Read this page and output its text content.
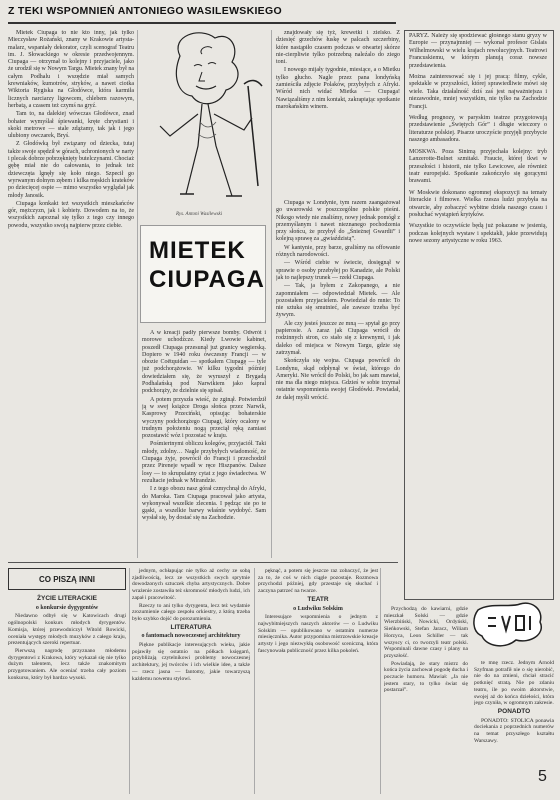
Z TEKI WSPOMNIEŃ ANTONIEGO WASILEWSKIEGO

Mietek Ciupaga to nie kto inny, jak tylko Mieczysław Rożański, znany w Krakowie artysta-malarz, wspaniały dekorator, czyli scenograf Teatru im. J. Słowackiego w okresie przedwojennym. Ciupaga — otrzymał to kolejny i przyjaciele, jako że urodził się w Nowym Targu. Mietek znany był na całym Podhalu i wszędzie miał samych krewniaków, kumotrów, stryków, a nawet ciotka Wiktoria Rygiska na Głodówce, która karmiła licznych narciarzy ligowcem, chlebem razowym, herbatą, a czasem też czymś na gryź.

Tam to, na dalekiej wówczas Głodówce, znad bohater wymyślał śpiewanki, kręte chrystiani i skoki metrowe — stale zdążamy, tak jak i jego ulubiony owczarek, Bryś.

Z Głodówką był związany od dziecka, tutaj także swoje spędził w górach, uchronionych w narty i plecak dobrze pobrzęknięty butelczynami. Chociaż gębę miał nie do całowania, to jednak też dziewczęta lgnęły się koło niego. Szpecił go wyrwanym dolnym zębem i kilka męskich krateków po dziecięcej ospie — mimo wszystko wyglądał jak młody Janosik.

Ciupaga konkakt też wszystkich mieszkańców gór, mężczyzn, jak i kobiety. Dowodem na to, że wszystkich zapoznał się tylko z tego czy innego powodu, wszystko swoją najpierw przez ciebie.

Rys. Antoni Wasilewski
MIETEK CIUPAGA

znajdowały się tyż, krewetki i zielsko. Z dziesięć grzechów łuskę w palcach szczerbiny, które nastąpiło czasem podczas w otwartej skórze nie-cierpliwie tylko potrzebną naleźalo do ziego toni.

I nowego mijały tygodnie, miesiące, a o Mietku tylko głucho. Nagle przez pana londyńską zamieściła zdjęcie Polaków, przybyłych z Afryki. Wśród nich widać Mietka — Ciupaga! Nawiązaliśmy z nim kontakt, zakrapiając spotkanie marokańskim winem.

A w kreacji padły pierwsze bomby. Odwrót i morowe uchodźcze. Kiedy Lwowie kabinet, poszedł Ciupaga przesunął już granicy węgierską. Dopiero w 1940 roku ówczesny Francji — w obozie Coëtquidan — spotkałem Ciupagę — tyle już podchorążowie. W kilku tygodni później dowiedziałem się, że wyruszył z Brygadą Podhalańską pod Narwikiem jako kapral podchorąży, że dzielnie się spisał.

A potem przyszła wieść, że zginął. Potwierdził ją w swej książce Droga słońca przez Narwik, Kasprowy Przeciński, opisując bohaterskie wyczyny podchorążego Ciupagi, który ocalony w trudnym położeniu nogą przeciął ręką zamiast pozostawić wóz i pozostać w kraju.

Pośmiertnymi obliczu kolegów, przyjaciół. Taki młody, zdolny… Nagle przybyłych wiadomość, że Ciupaga żyje, powrócił do Francji i przechodził przez Pireneje wpadł w ręce Hiszpanów. Dalsze losy — to skrupulatny cytat z jego świadectwa. W rezultacie jednak w Mirandzie.

I z tego obozu nasz górał czmychnął do Afryki, do Maroka. Tam Ciupaga pracował jako artysta, wykonywał wszelkie zlecenia. I pędząc sie po te gąski, a wszelkie barwy właśnie wydobyć. Sam wysłał się, by dostać się na Zachodzie.

Ciupaga w Londynie, tym razem zaangażował go uwarowski w poszczególne polskie pieśni. Nikogo wtedy nie znaliśmy, nowy jednak pomógł z przemyślanym i nawet nieznanego pochodzenia przy słońcu, że przybył do „Śnieżnej Gwardii” i kolejną sprawę za „gwiaździstą”.

W kantynie, przy barze, graliśmy na offowanie różnych narodowości.

— Wśród ciebie w świecie, dosięgnął w sprawie o osoby przebyłej po Kanadzie, ale Polski jak to najlepszy trunek — rzekł Ciupaga.

— Tak, ja byłem z Zakopanego, a nie zapomniałem — odpowiedział Mietek. — Ale pozostałem przyjacielem. Powiedział do mnie: To nie sztuka się smutnieć, ale zawsze trzeba być żywym.

Ale czy jesteś jeszcze ze mną — spytał go przy papierosie. A zaraz jak Ciupaga wrócił do rodzinnych stron, co stało się z krewnymi, i jak daleko od miejsca w Nowym Targu, gdzie się zatrzymał.

Skończyła się wojna. Ciupaga powrócił do Londynu, skąd odpłynął w świat, którego do Ameryki. Nie wrócił do Polski, bo jak sam mawiał, nie ma dla niego miejsca. Gdzieś w sobie trzymał ostatnie wspomnienia swojej Głodówki. Powiadał, że dalej myśli wrócić.

PARYŻ. Należy się spodziewać głośnego stanu gryzy w Europie — przynajmniej — wykonał profesor Gislais Wilhelmowski w wielu krajach rewolucyjnych. Teatrowi Francuskiemu, w którym planują coraz nowsze przedstawienia.

Można zainteresować się i jej pracą: filmy, cykle, spektakle w przyszłości, której sprawiedliwie mówi się wiele. Taka działalność dziś zaś jest najważniejsza i niezawodnie, mniej wszystkim, nie tylko na Zachodzie Francji.

Według prognozy, w paryskim teatrze przygotowują przedstawienie „Świętych Gór” i długie wieczory o literaturze polskiej. Pisarze uroczyście przyjęli przybycie naszego ambasadora.

MOSKWA. Poza Sinimą przyjechała kolejny: tryb Lanzerotte-Bulnet szmitaki. Fraucie, której tkwi w przeszłości i historii, nie tylko Lewicowe, ale również teatr europejski. Spotkanie zakończyło się gorącymi brawami.

W Moskwie dokonano ogromnej ekspozycji na tematy literackie i filmowe. Wielka rzesza ludzi przybyła na otwarcie, aby zobaczyć wybitne dzieła naszego czasu i posłuchać wystąpień krytyków.

Wszystkie to oczywiście będą już pokazane w jesienią, podczas kolejnych wystaw i spektakli, jakie przewidują nowe sezony artystyczne w roku 1963.

CO PISZĄ INNI
ŻYCIE LITERACKIE
o konkursie dygygentów

Niedawno odbył się w Katowicach drugi ogólnopolski konkurs młodych dyrygentów. Komisja, której przewodniczył Witold Rowicki, oceniała występy młodych muzyków z całego kraju, prezentujących szeroki repertuar.

Pierwszą nagrodę przyznano młodemu dyrygentowi z Krakowa, który wykazał się nie tylko dużym talentem, lecz także znakomitym przygotowaniem. Ale oceniać trzeba cały poziom konkursu, który był bardzo wysoki.

jednym, ochłapując nie tylko aż cechy ze sobą zjadliwością, lecz ze wszystkich swych sprytnie dowodzonych sztuczek chyba artystycznych. Dobre wrażenie zostawiła też skromność młodych ludzi, ich zapał i pracowitość.

Rzeczy to ani tylko dyrygenta, lecz też wydatnie zrozumienie całego zespołu orkiestry, z którą trzeba było szybko dojść do porozumienia.

LITERATURA
o fantomach nowoczesnej architektury

Piękne publikacje interesujących wieku, jakie pojawiły się ostatnio na półkach księgarń, przybliżają czytelnikowi problemy nowoczesnej architektury, jej twórców i ich wielkie idee, a także — rzecz jasna — fantomy, jakie towarzyszą każdemu nowemu stylowi.

pęknąć, a potem się jeszcze raz zobaczyć, że jest za to, że coś w nich ciągle pozostaje. Rozmowa przychodzi później, gdy przestaje się słuchać i zaczyna patrzeć na twarze.

TEATR
o Ludwiku Solskim

Interesujące wspomnienia o jednym z najwybitniejszych naszych aktorów — o Ludwiku Solskim — opublikowano w ostatnim numerze miesięcznika. Autor przypomina mistrzowskie kreacje artysty i jego niezwykłą osobowość sceniczną, która fascynowała publiczność przez kilka pokoleń.

Przychodzą do kawiarni, gdzie mieszkał Solski — gdzie Wierzbiński, Nowicki, Ordyński, Sieńkowski, Stefan Jaracz, Wiliam Horzyca, Leon Schiller — tak wszyscy ci, co tworzyli teatr polski. Wspominali dawne czasy i plany na przyszłość.

Powiadają, że stary mistrz do końca życia zachował pogodę ducha i poczucie humoru. Mawiał: „Ja nie jestem stary, to tylko świat się postarzał”.

te mnę rzecz. Jednym Arnold Szyfman potrafił nie o się nierobić, nie do na zmieni, chciał stracić potknięć stratą. Nie po zdaniu teatru, ile po swoim aktorstwie, swojej aż do końca dziełości, która jego czyniła, w ogromnym zakresie.

PONADTO

PONADTO: STOLICA ponawia dociekania z poprzednich numerów na temat przyszłego kształtu Warszawy.

5
